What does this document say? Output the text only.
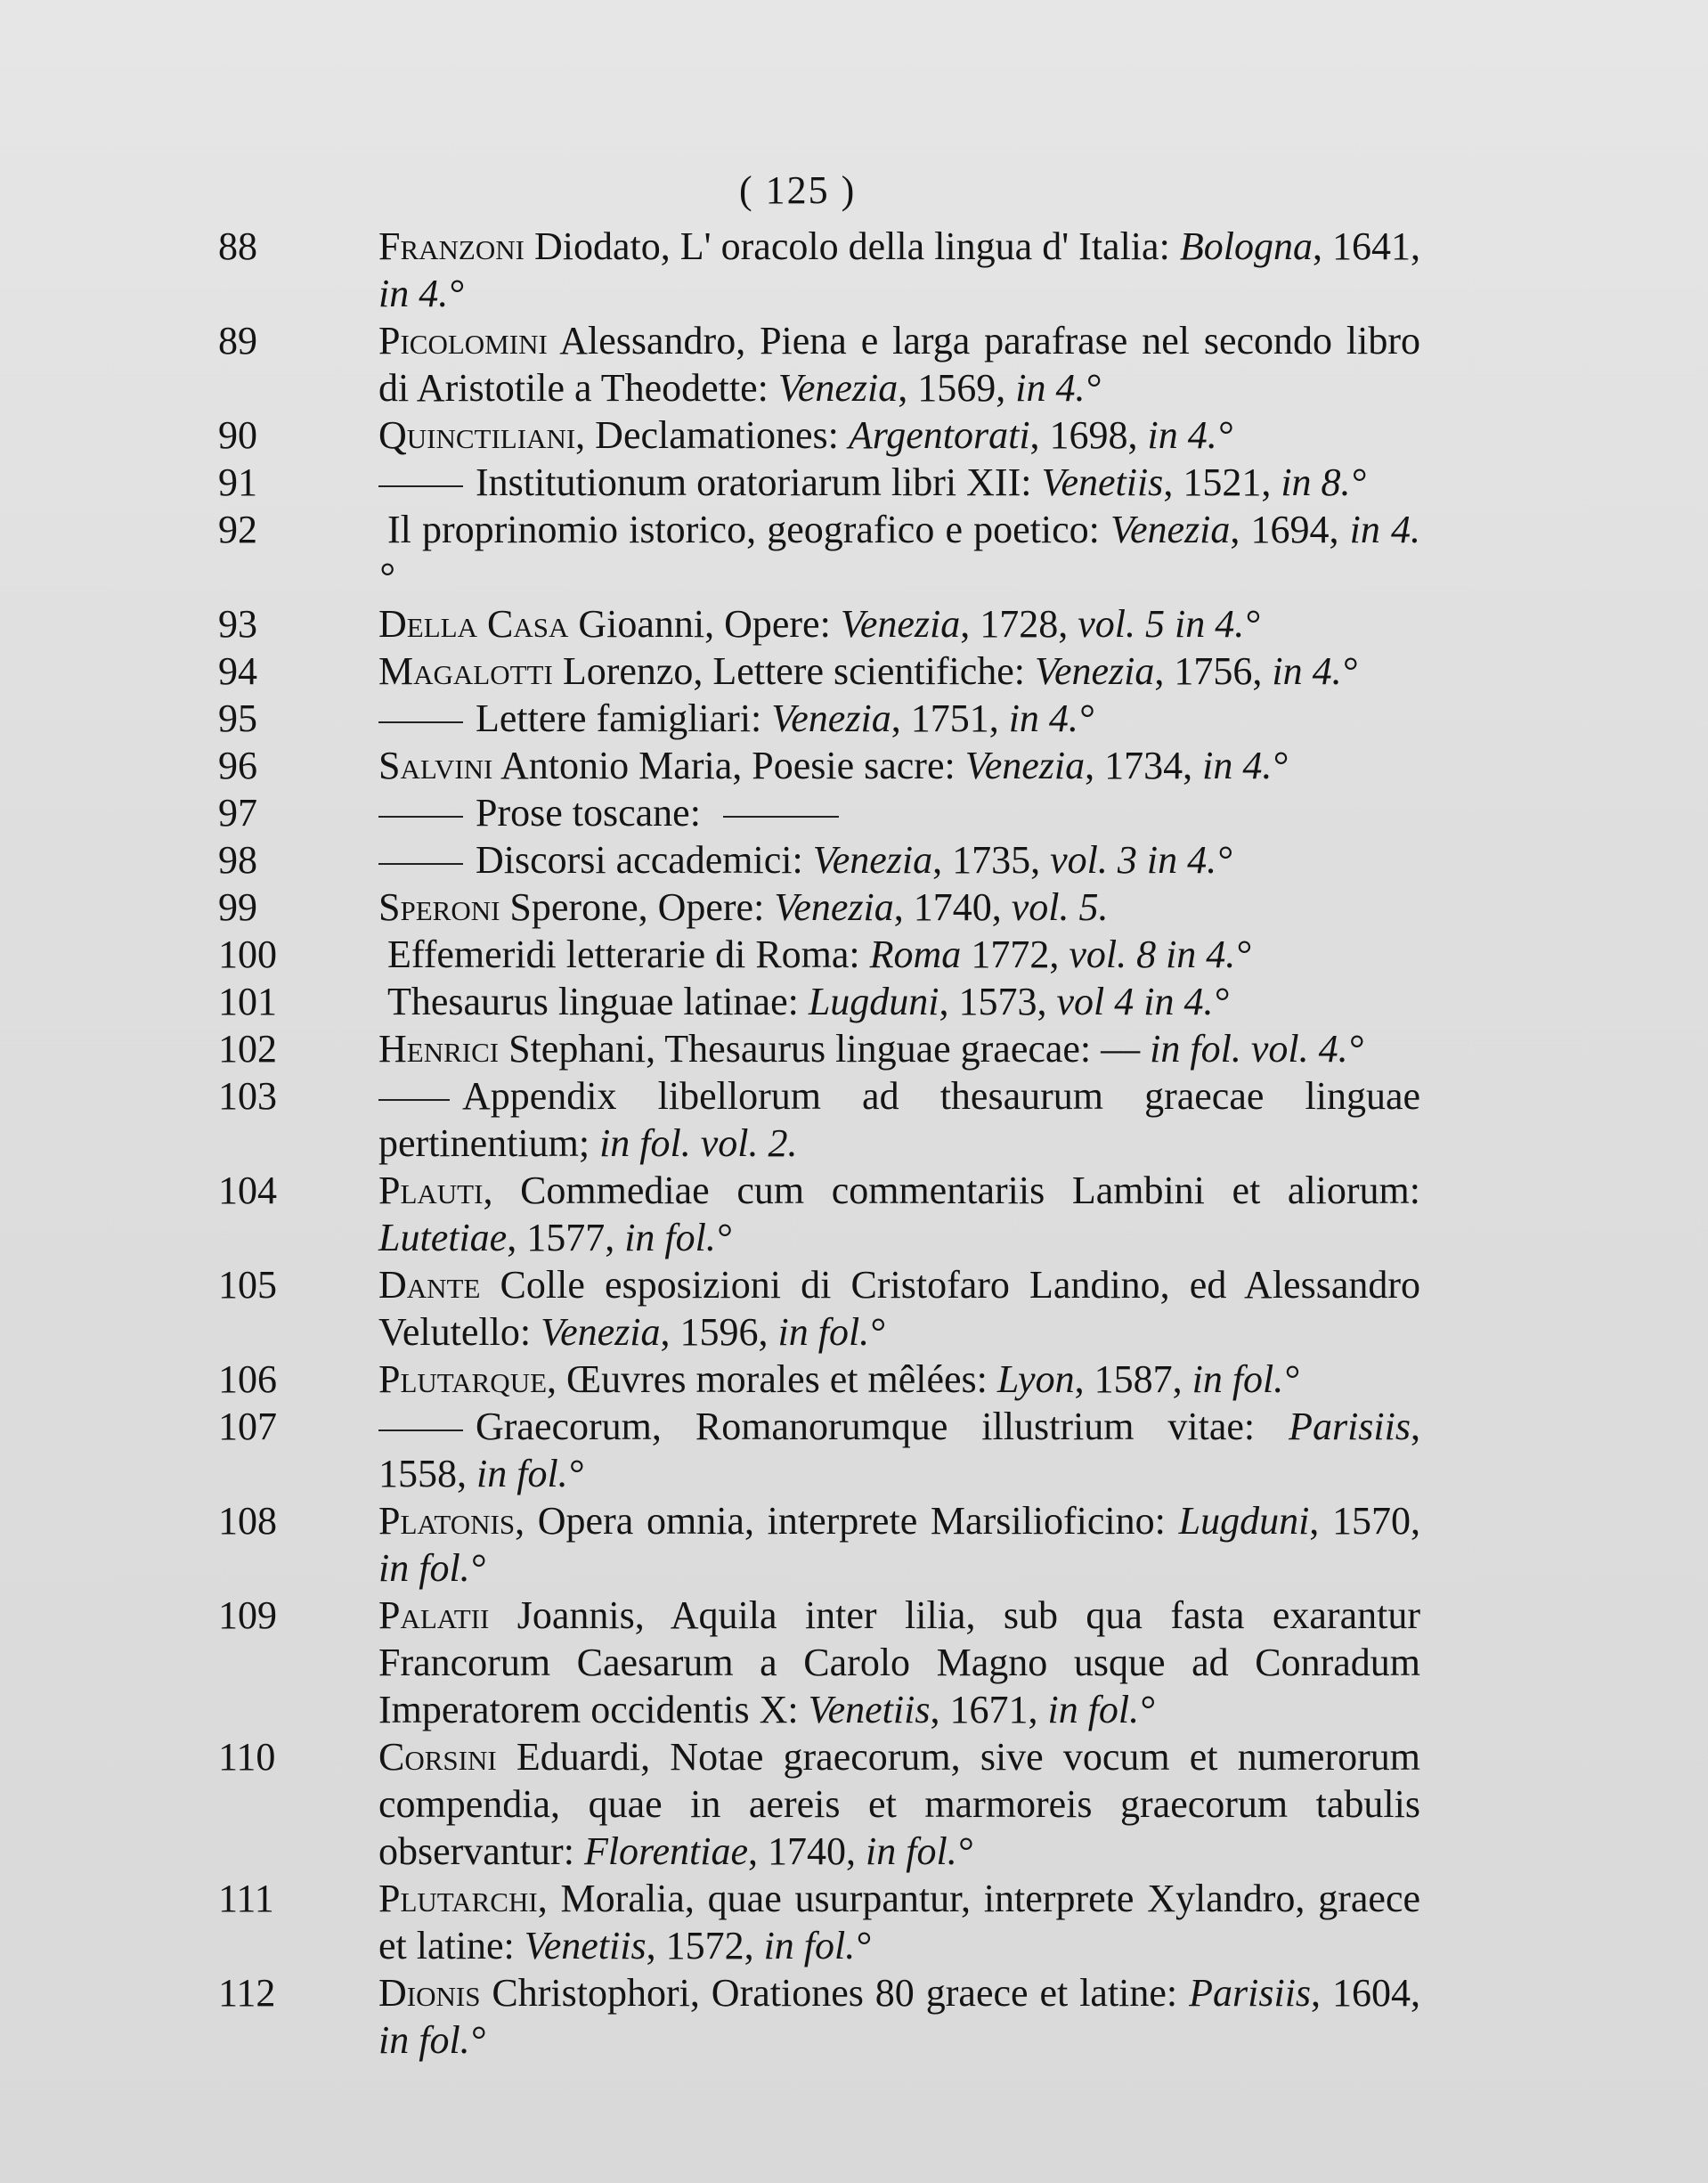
( 125 )
88	Franzoni Diodato, L' oracolo della lingua d' Italia: Bologna, 1641, in 4.°
89	Picolomini Alessandro, Piena e larga parafrase nel secondo libro di Aristotile a Theodette: Venezia, 1569, in 4.°
90	Quinctiliani, Declamationes: Argentorati, 1698, in 4.°
91	Institutionum oratoriarum libri XII: Venetiis, 1521, in 8.°
92	Il proprinomio istorico, geografico e poetico: Venezia, 1694, in 4.°
93	Della Casa Gioanni, Opere: Venezia, 1728, vol. 5 in 4.°
94	Magalotti Lorenzo, Lettere scientifiche: Venezia, 1756, in 4.°
95	Lettere famigliari: Venezia, 1751, in 4.°
96	Salvini Antonio Maria, Poesie sacre: Venezia, 1734, in 4.°
97	Prose toscane:
98	Discorsi accademici: Venezia, 1735, vol. 3 in 4.°
99	Speroni Sperone, Opere: Venezia, 1740, vol. 5.
100	Effemeridi letterarie di Roma: Roma 1772, vol. 8 in 4.°
101	Thesaurus linguae latinae: Lugduni, 1573, vol 4 in 4.°
102	Henrici Stephani, Thesaurus linguae graecae: –– in fol. vol. 4.°
103	Appendix libellorum ad thesaurum graecae linguae pertinentium; in fol. vol. 2.
104	Plauti, Commediae cum commentariis Lambini et aliorum: Lutetiae, 1577, in fol.°
105	Dante Colle esposizioni di Cristofaro Landino, ed Alessandro Velutello: Venezia, 1596, in fol.°
106	Plutarque, Œuvres morales et mêlées: Lyon, 1587, in fol.°
107	Graecorum, Romanorumque illustrium vitae: Parisiis, 1558, in fol.°
108	Platonis, Opera omnia, interprete Marsilioficino: Lugduni, 1570, in fol.°
109	Palatii Joannis, Aquila inter lilia, sub qua fasta exarantur Francorum Caesarum a Carolo Magno usque ad Conradum Imperatorem occidentis X: Venetiis, 1671, in fol.°
110	Corsini Eduardi, Notae graecorum, sive vocum et numerorum compendia, quae in aereis et marmoreis graecorum tabulis observantur: Florentiae, 1740, in fol.°
111	Plutarchi, Moralia, quae usurpantur, interprete Xylandro, graece et latine: Venetiis, 1572, in fol.°
112	Dionis Christophori, Orationes 80 graece et latine: Parisiis, 1604, in fol.°
